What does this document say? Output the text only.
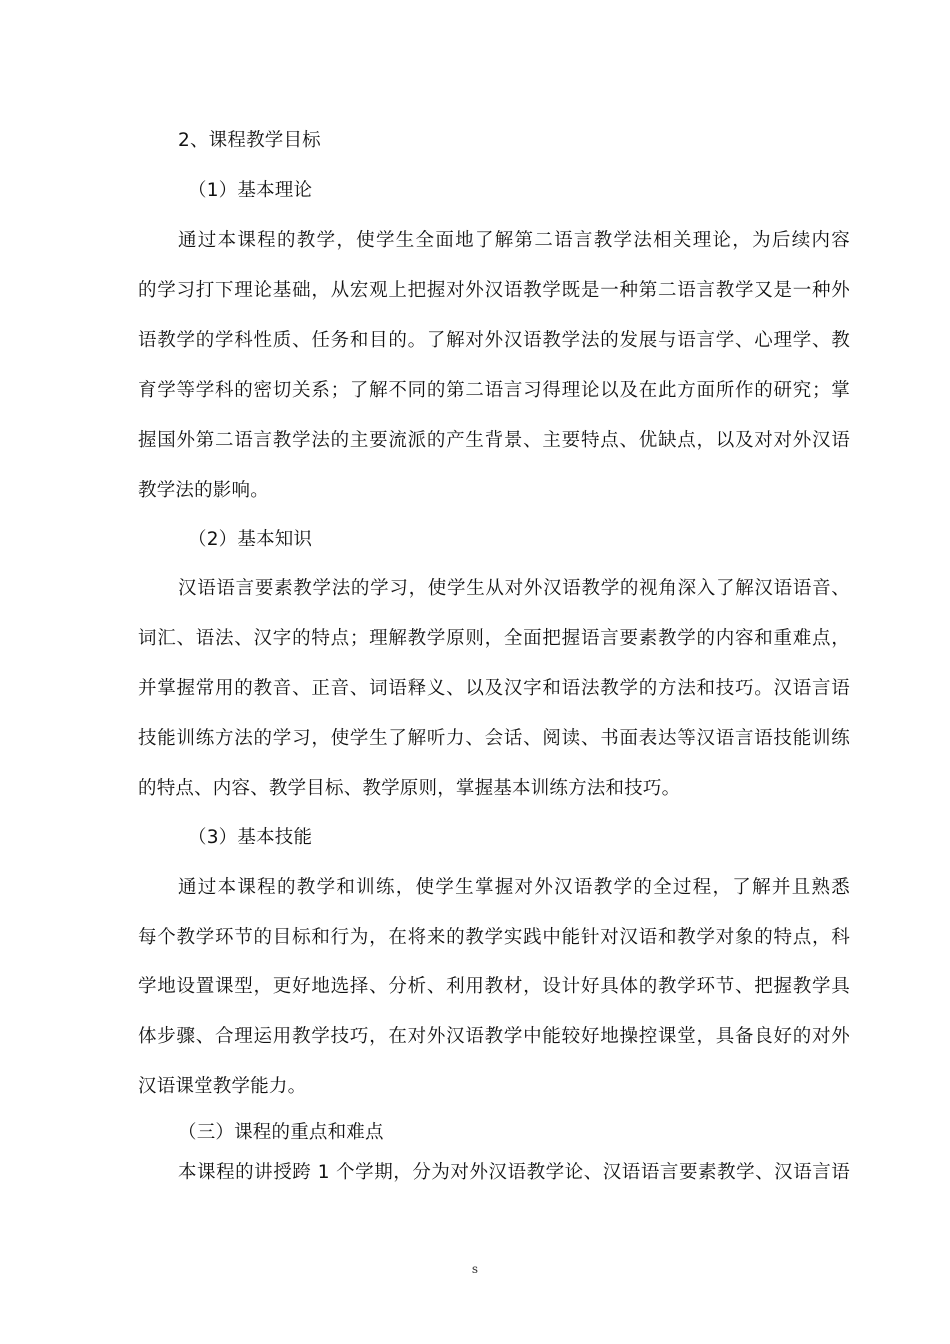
2、课程教学目标
（1）基本理论
通过本课程的教学，使学生全面地了解第二语言教学法相关理论，为后续内容
的学习打下理论基础，从宏观上把握对外汉语教学既是一种第二语言教学又是一种外
语教学的学科性质、任务和目的。了解对外汉语教学法的发展与语言学、心理学、教
育学等学科的密切关系；了解不同的第二语言习得理论以及在此方面所作的研究；掌
握国外第二语言教学法的主要流派的产生背景、主要特点、优缺点，以及对对外汉语
教学法的影响。
（2）基本知识
汉语语言要素教学法的学习，使学生从对外汉语教学的视角深入了解汉语语音、
词汇、语法、汉字的特点；理解教学原则，全面把握语言要素教学的内容和重难点，
并掌握常用的教音、正音、词语释义、以及汉字和语法教学的方法和技巧。汉语言语
技能训练方法的学习，使学生了解听力、会话、阅读、书面表达等汉语言语技能训练
的特点、内容、教学目标、教学原则，掌握基本训练方法和技巧。
（3）基本技能
通过本课程的教学和训练，使学生掌握对外汉语教学的全过程，了解并且熟悉
每个教学环节的目标和行为，在将来的教学实践中能针对汉语和教学对象的特点，科
学地设置课型，更好地选择、分析、利用教材，设计好具体的教学环节、把握教学具
体步骤、合理运用教学技巧，在对外汉语教学中能较好地操控课堂，具备良好的对外
汉语课堂教学能力。
（三）课程的重点和难点
本课程的讲授跨 1 个学期，分为对外汉语教学论、汉语语言要素教学、汉语言语
s
